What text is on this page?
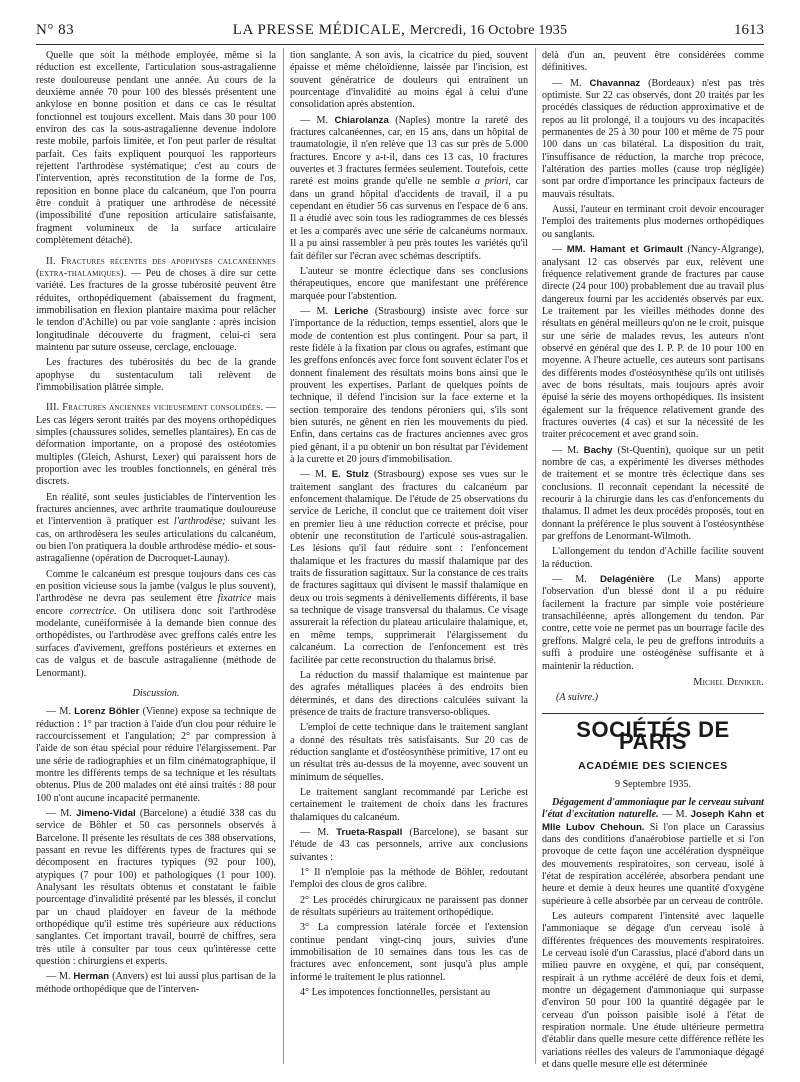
N° 83	LA PRESSE MÉDICALE, Mercredi, 16 Octobre 1935	1613

Quelle que soit la méthode employée, même si la réduction est excellente, l'articulation sous-astragalienne reste douloureuse pendant une année. Au cours de la deuxième année 70 pour 100 des blessés présentent une ankylose en bonne position et dans ce cas le résultat fonctionnel est toujours excellent. Mais dans 30 pour 100 environ des cas la sous-astragalienne devenue indolore reste mobile, parfois limitée, et l'on peut parler de résultat parfait. Ces faits expliquent pourquoi les rapporteurs rejettent l'arthrodèse systématique; c'est au cours de l'intervention, après reconstitution de la forme de l'os, reposition en bonne place du calcanéum, que l'on pourra être conduit à pratiquer une arthrodèse de nécessité (impossibilité d'une reposition articulaire satisfaisante, fragment volumineux de la surface articulaire complètement détaché).

II. Fractures récentes des apophyses calcanéennes (extra-thalamiques). — Peu de choses à dire sur cette variété. Les fractures de la grosse tubérosité peuvent être réduites, orthopédiquement (abaissement du fragment, immobilisation en flexion plantaire maxima pour relâcher le tendon d'Achille) ou par voie sanglante : après incision longitudinale découverte du fragment, celui-ci sera maintenu par suture osseuse, cerclage, enclouage.

Les fractures des tubérosités du bec de la grande apophyse du sustentaculum tali relèvent de l'immobilisation plâtrée simple.

III. Fractures anciennes vicieusement consolidées. — Les cas légers seront traités par des moyens orthopédiques simples (chaussures solides, semelles plantaires). En cas de déformation importante, on a proposé des ostéotomies multiples (Gleich, Ashurst, Lexer) qui paraissent hors de proportion avec les troubles fonctionnels, en général très discrets.

En réalité, sont seules justiciables de l'intervention les fractures anciennes, avec arthrite traumatique douloureuse et l'intervention à pratiquer est l'arthrodèse; suivant les cas, on arthrodèsera les seules articulations du calcanéum, ou bien l'on pratiquera la double arthrodèse médio- et sous-astragalienne (opération de Ducroquet-Launay).

Comme le calcanéum est presque toujours dans ces cas en position vicieuse sous la jambe (valgus le plus souvent), l'arthrodèse ne devra pas seulement être fixatrice mais encore correctrice. On utilisera donc soit l'arthrodèse modelante, cunéiformisée à la demande bien connue des orthopédistes, ou l'arthrodèse avec greffons calés entre les surfaces d'avivement, greffons postérieurs et externes en cas de valgus et de bascule astragalienne (méthode de Lenormant).

Discussion.

— M. Lorenz Böhler (Vienne) expose sa technique de réduction : 1° par traction à l'aide d'un clou pour réduire le raccourcissement et l'angulation; 2° par compression à l'aide de son étau spécial pour réduire l'élargissement. Par une série de radiographies et un film cinématographique, il montre les différents temps de sa technique et les résultats obtenus. Plus de 200 malades ont été ainsi traités : 88 pour 100 n'ont aucune incapacité permanente.

— M. Jimeno-Vidal (Barcelone) a étudié 338 cas du service de Böhler et 50 cas personnels observés à Barcelone. Il présente les résultats de ces 388 observations, passant en revue les différents types de fractures qui se décomposent en fractures typiques (92 pour 100), atypiques (7 pour 100) et pathologiques (1 pour 100). Analysant les résultats obtenus et constatant le faible pourcentage d'invalidité présenté par les blessés, il conclut par un chaud plaidoyer en faveur de la méthode orthopédique qu'il estime très supérieure aux réductions sanglantes. Cet important travail, bourré de chiffres, sera très utile à consulter par tous ceux qu'intéresse cette question : chirurgiens et experts.

— M. Herman (Anvers) est lui aussi plus partisan de la méthode orthopédique que de l'interven-

tion sanglante. A son avis, la cicatrice du pied, souvent épaisse et même chéloïdienne, laissée par l'incision, est souvent génératrice de douleurs qui entraînent un pourcentage d'invalidité au moins égal à celui d'une consolidation après abstention.

— M. Chiarolanza (Naples) montre la rareté des fractures calcanéennes, car, en 15 ans, dans un hôpital de traumatologie, il n'en relève que 13 cas sur près de 5.000 fractures. Encore y a-t-il, dans ces 13 cas, 10 fractures ouvertes et 3 fractures fermées seulement. Toutefois, cette rareté est moins grande qu'elle ne semble a priori, car dans un grand hôpital d'accidents de travail, il a pu cependant en étudier 56 cas survenus en l'espace de 6 ans. Il a étudié avec soin tous les radiogrammes de ces blessés et les a comparés avec une série de calcanéums normaux. Il a pu ainsi rassembler à peu près toutes les variétés qu'il fait défiler sur l'écran avec schémas descriptifs.

L'auteur se montre éclectique dans ses conclusions thérapeutiques, encore que manifestant une préférence marquée pour l'abstention.

— M. Leriche (Strasbourg) insiste avec force sur l'importance de la réduction, temps essentiel, alors que le mode de contention est plus contingent. Pour sa part, il reste fidèle à la fixation par clous ou agrafes, estimant que les greffons enfoncés avec force font souvent éclater l'os et donnent finalement des résultats moins bons ainsi que le prouvent les expertises. Parlant de quelques points de technique, il défend l'incision sur la face externe et la section temporaire des tendons péroniers qui, s'ils sont bien suturés, ne gênent en rien les mouvements du pied. Enfin, dans certains cas de fractures anciennes avec gros pied gênant, il a pu obtenir un bon résultat par l'évidement à la curette et 20 jours d'immobilisation.

— M. E. Stulz (Strasbourg) expose ses vues sur le traitement sanglant des fractures du calcanéum par enfoncement thalamique. De l'étude de 25 observations du service de Leriche, il conclut que ce traitement doit viser en premier lieu à une réduction correcte et précise, pour obtenir une reconstitution de l'articulé sous-astragalien. Les lésions qu'il faut réduire sont : l'enfoncement thalamique et les fractures du massif thalamique par des traits de fissuration sagittaux. Sur la constance de ces traits de fractures sagittaux qui divisent le massif thalamique en deux ou trois segments à dénivellements différents, il base sa technique de visage transversal du thalamus. Ce visage assurerait la réfection du plateau articulaire thalamique, et, en même temps, supprimerait l'élargissement du calcanéum. La correction de l'enfoncement est très facilitée par cette reconstruction du thalamus brisé.

La réduction du massif thalamique est maintenue par des agrafes métalliques placées à des endroits bien déterminés, et dans des directions calculées suivant la présence de traits de fracture transverso-obliques.

L'emploi de cette technique dans le traitement sanglant a donné des résultats très satisfaisants. Sur 20 cas de réduction sanglante et d'ostéosynthèse primitive, 17 ont eu un résultat très au-dessus de la moyenne, avec souvent un minimum de séquelles.

Le traitement sanglant recommandé par Leriche est certainement le traitement de choix dans les fractures thalamiques du calcanéum.

— M. Trueta-Raspall (Barcelone), se basant sur l'étude de 43 cas personnels, arrive aux conclusions suivantes :

1° Il n'emploie pas la méthode de Böhler, redoutant l'emploi des clous de gros calibre.

2° Les procédés chirurgicaux ne paraissent pas donner de résultats supérieurs au traitement orthopédique.

3° La compression latérale forcée et l'extension continue pendant vingt-cinq jours, suivies d'une immobilisation de 10 semaines dans tous les cas de fractures avec enfoncement, sont jusqu'à plus ample informé le traitement le plus rationnel.

4° Les impotences fonctionnelles, persistant au

delà d'un an, peuvent être considérées comme définitives.

— M. Chavannaz (Bordeaux) n'est pas très optimiste. Sur 22 cas observés, dont 20 traités par les procédés classiques de réduction approximative et de repos au lit prolongé, il a toujours vu des incapacités permanentes de 25 à 30 pour 100 et même de 75 pour 100 dans un cas bilatéral. La disposition du trait, l'insuffisance de réduction, la marche trop précoce, l'altération des parties molles (cause trop négligée) sont par ordre d'importance les principaux facteurs de mauvais résultats.

Aussi, l'auteur en terminant croit devoir encourager l'emploi des traitements plus modernes orthopédiques ou sanglants.

— MM. Hamant et Grimault (Nancy-Algrange), analysant 12 cas observés par eux, relèvent une fréquence relativement grande de fractures par cause directe (24 pour 100) probablement due au travail plus dangereux fourni par les accidentés observés par eux. Le traitement par les vieilles méthodes donne des résultats en général meilleurs qu'on ne le croit, puisque sur une série de malades revus, les auteurs n'ont observé en général que des I. P. P. de 10 pour 100 en moyenne. A l'heure actuelle, ces auteurs sont partisans des différents modes d'ostéosynthèse qu'ils ont utilisés avec de bons résultats, mais toujours après avoir épuisé la série des moyens orthopédiques. Ils insistent également sur la fréquence relativement grande des fractures ouvertes (4 cas) et sur la nécessité de les traiter précocement et avec grand soin.

— M. Bachy (St-Quentin), quoique sur un petit nombre de cas, a expérimenté les diverses méthodes de traitement et se montre très éclectique dans ses conclusions. Il reconnaît cependant la nécessité de recourir à la chirurgie dans les cas d'enfoncements du thalamus. Il admet les deux procédés proposés, tout en donnant la préférence le plus souvent à l'ostéosynthèse par greffons de Lenormant-Wilmoth.

L'allongement du tendon d'Achille facilite souvent la réduction.

— M. Delagénière (Le Mans) apporte l'observation d'un blessé dont il a pu réduire facilement la fracture par simple voie postérieure transachiléenne, après allongement du tendon. Par contre, cette voie ne permet pas un bourrage facile des greffons. Malgré cela, le peu de greffons introduits a suffi à produire une ostéogénèse suffisante et à maintenir la réduction.

Michel Deniker.

(A suivre.)

SOCIÉTÉS DE PARIS
ACADÉMIE DES SCIENCES
9 Septembre 1935.

Dégagement d'ammoniaque par le cerveau suivant l'état d'excitation naturelle. — M. Joseph Kahn et Mlle Lubov Chehoun. Si l'on place un Carassius dans des conditions d'anaérobiose partielle et si l'on provoque de cette façon une accélération dyspnéique des mouvements respiratoires, son cerveau, isolé à l'état de respiration accélérée, absorbera pendant une heure et demie à deux heures une quantité d'oxygène supérieure à celle absorbée par un cerveau de contrôle.

Les auteurs comparent l'intensité avec laquelle l'ammoniaque se dégage d'un cerveau isolé à différentes fréquences des mouvements respiratoires. Le cerveau isolé d'un Carassius, placé d'abord dans un milieu pauvre en oxygène, et qui, par conséquent, respirait à un rythme accéléré de deux fois et demi, montre un dégagement d'ammoniaque qui surpasse d'environ 50 pour 100 la quantité dégagée par le cerveau d'un poisson paisible isolé à l'état de respiration normale. Une étude ultérieure permettra d'établir dans quelle mesure cette différence reflète les variations réelles des valeurs de l'ammoniaque dégagé et dans quelle mesure elle est déterminée
